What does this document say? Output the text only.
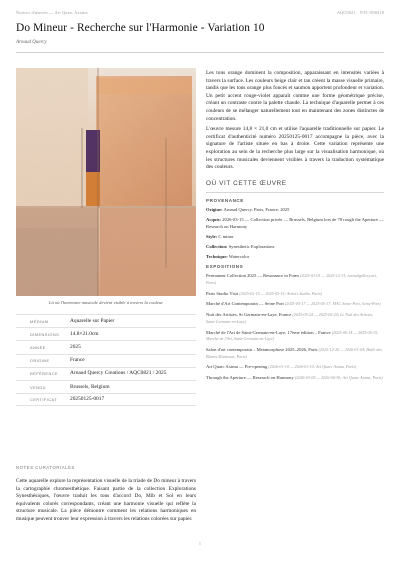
Notices d'œuvres — Art Quarc Axoma	AQC0821 · NTC-000418
Do Mineur - Recherche sur l'Harmonie - Variation 10
Arnaud Quercy
Là où l'harmonie musicale devient visible à travers la couleur
MÉDIUM	Aquarelle sur Papier
DIMENSIONS	14.8×21.0cm
ANNÉE	2025
ORIGINE	France
RÉFÉRENCE	Arnaud Quercy Creations / AQC0821 / 2025
VENDU	Brussels, Belgium
CERTIFICAT	20250125-0017
NOTES CURATORIALES
Cette aquarelle explore la représentation visuelle de la triade de Do mineur à travers la cartographie chromesthétique. Faisant partie de la collection Explorations Synesthésiques, l'œuvre traduit les tons d'accord Do, Mib et Sol en leurs équivalents colorés correspondants, créant une harmonie visuelle qui reflète la structure musicale. La pièce démontre comment les relations harmoniques en musique peuvent trouver leur expression à travers les relations colorées sur papier.

Les tons orange dominent la composition, apparaissant en intensités variées à travers la surface. Les couleurs beige clair et tan créent la masse visuelle primaire, tandis que les tons orange plus foncés et saumon apportent profondeur et variation. Un petit accent rouge-violet apparaît comme une forme géométrique précise, créant un contraste contre la palette chaude. La technique d'aquarelle permet à ces couleurs de se mélanger naturellement tout en maintenant des zones distinctes de concentration.

L'œuvre mesure 14,8 × 21,0 cm et utilise l'aquarelle traditionnelle sur papier. Le certificat d'authenticité numéro 20250125-0017 accompagne la pièce, avec la signature de l'artiste située en bas à droite. Cette variation représente une exploration au sein de la recherche plus large sur la visualisation harmonique, où les structures musicales deviennent visibles à travers la traduction systématique des couleurs.

OÙ VIT CETTE ŒUVRE
PROVENANCE
Origine: Arnaud Quercy, Paris, France, 2025
Acquis: 2026-03-15 — Collection privée — Brussels, Belgium lors de 78 rough the Aperture — Research on Harmony
Style: C minor
Collection: Synesthetic Explorations
Technique: Watercolor
EXPOSITIONS
Permanent Collection 2025 — Resonance in Form (2025-01-01 — 2025-12-31; textualgallery.art, Paris)
Paris Studio Visit (2025-02-15 — 2025-03-15; Artist's Studio, Paris)
Marché d'Art Contemporain — Seine Port (2025-05-17 — 2025-05-17; MAC Seine-Port, Seine-Port)
Nuit des Artistes, St Germain-en-Laye, France (2025-05-24 — 2025-05-24; Le Nuit des Artistes, Saint-Germain-en-Laye)
Marché de l'Art de Saint-Germain-en-Laye, 17ème édition – France (2025-06-14 — 2025-06-15; Marché de l'Art, Saint-Germain-en-Laye)
Salon d'art contemporain – Metamorphose 2025–2026, Paris (2025-12-26 — 2026-01-04; Halle des Blancs Manteaux, Paris)
Art Quarc Axima — Pre-opening (2026-01-10 — 2026-01-10; Art Quarc Axima, Paris)
Through the Aperture — Research on Harmony (2026-03-09 — 2026-04-30; Art Quarc Axima, Paris)
1
